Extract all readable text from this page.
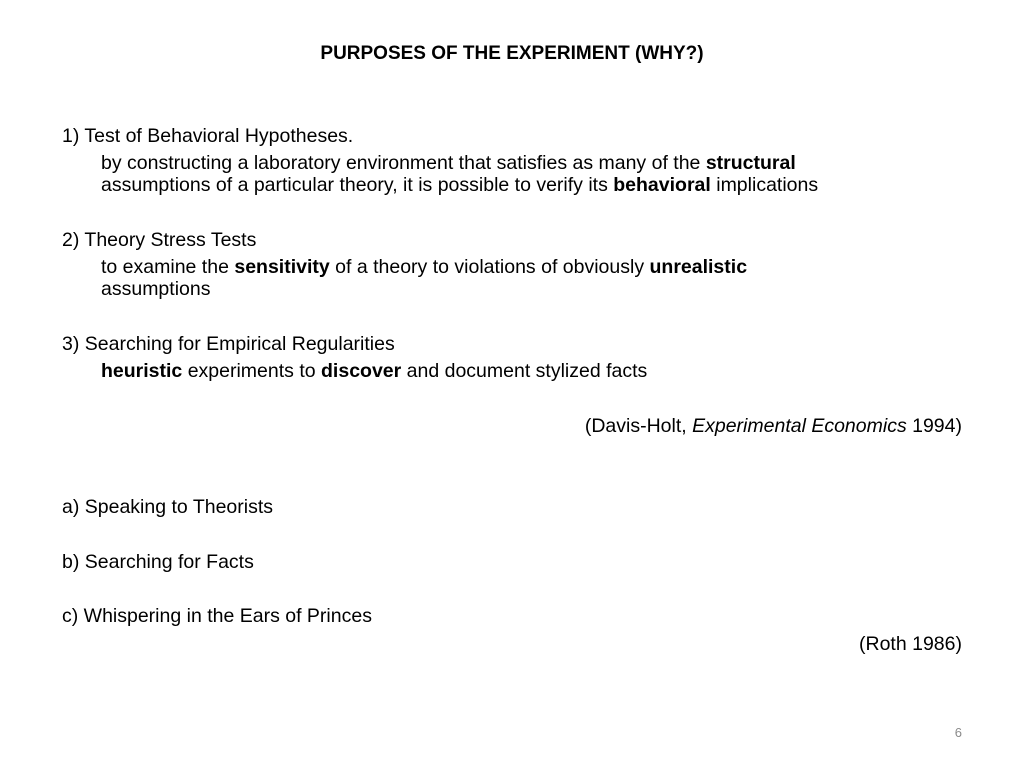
PURPOSES OF THE EXPERIMENT (WHY?)
1) Test of Behavioral Hypotheses.
by constructing a laboratory environment that satisfies as many of the structural
assumptions of a particular theory, it is possible to verify its behavioral implications
2) Theory Stress Tests
to examine the sensitivity of a theory to violations of obviously unrealistic
assumptions
3) Searching for Empirical Regularities
heuristic experiments to discover and document stylized facts
(Davis-Holt, Experimental Economics 1994)
a) Speaking to Theorists
b) Searching for Facts
c) Whispering in the Ears of Princes
(Roth 1986)
6
